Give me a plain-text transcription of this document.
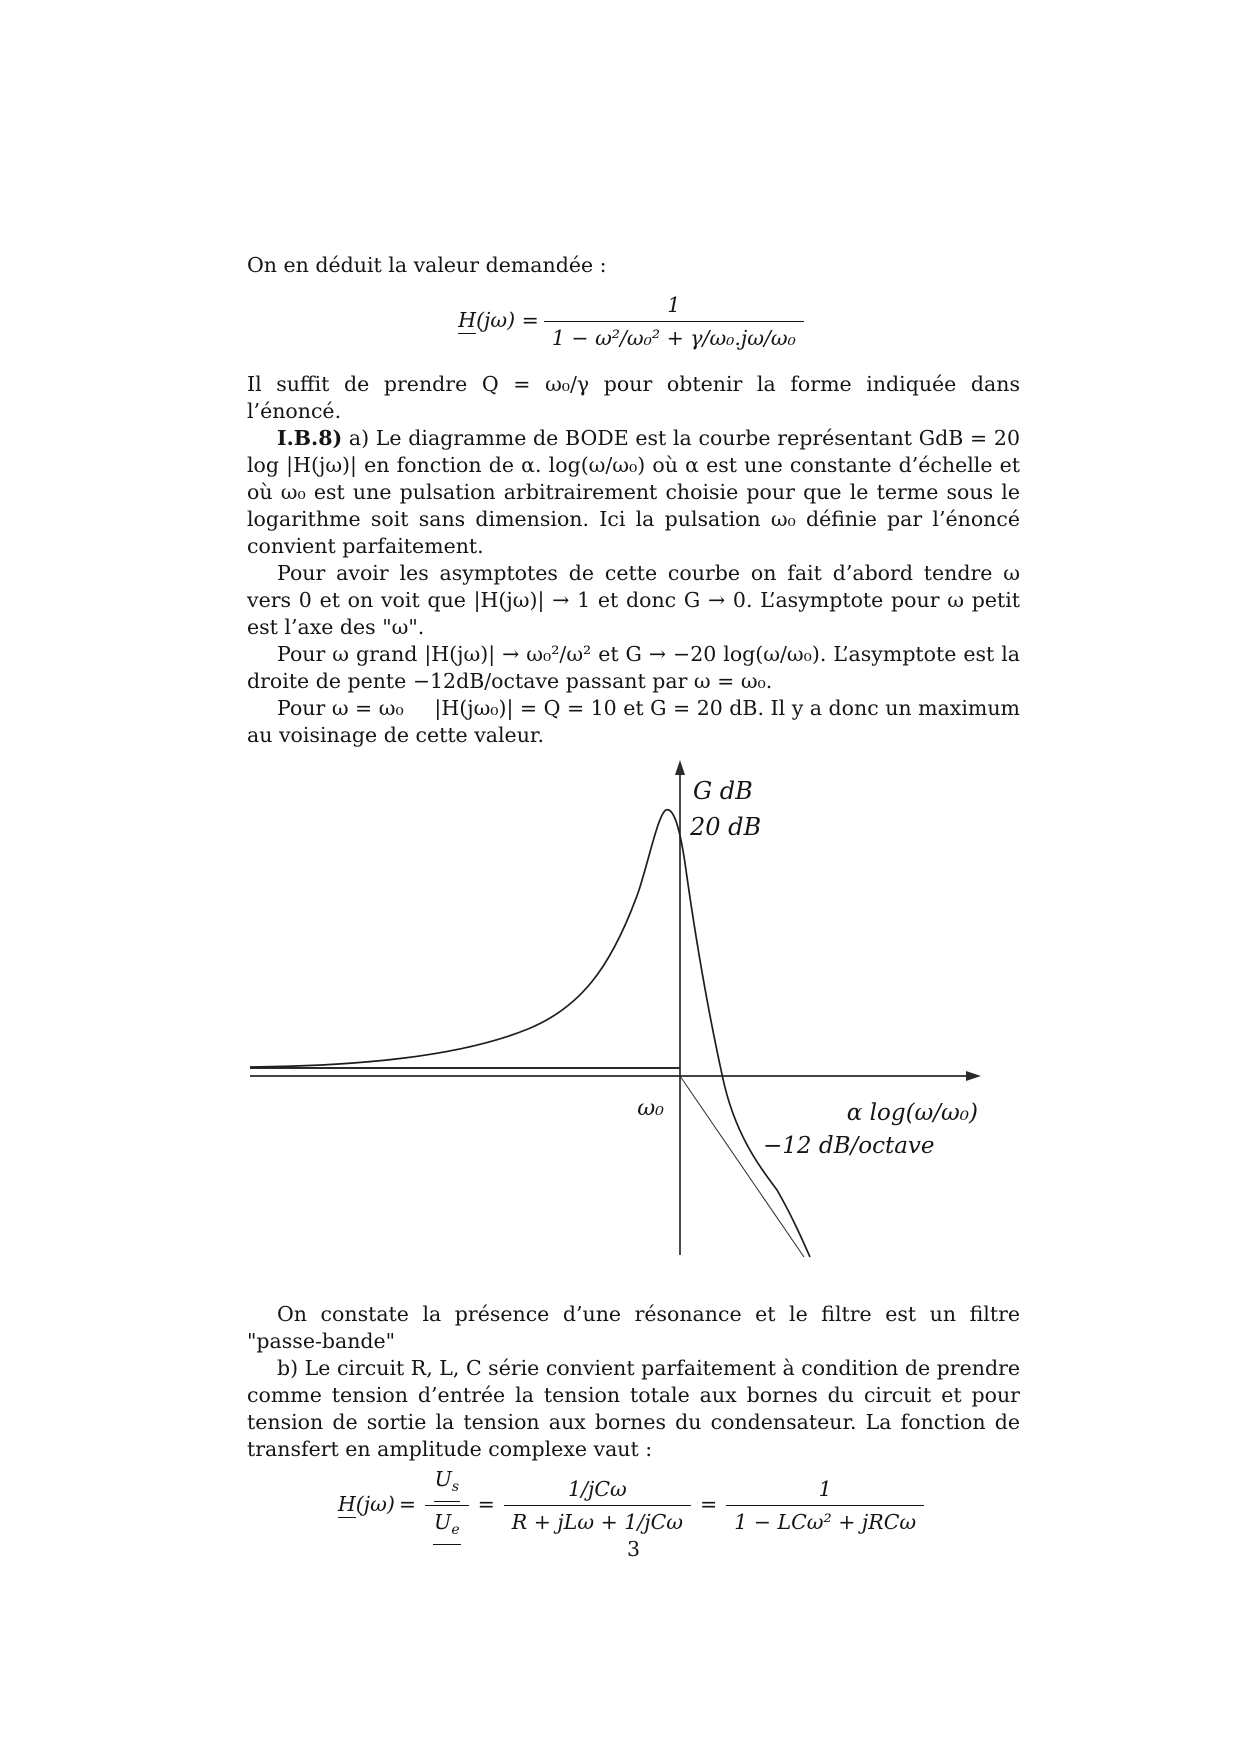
On en déduit la valeur demandée :

$H(j\omega) = \frac{1}{\text{1 − ω²/ω₀² + γ/ω₀.jω/ω₀}}$

Il suffit de prendre Q = ω₀/γ pour obtenir la forme indiquée dans l’énoncé.

I.B.8) a) Le diagramme de BODE est la courbe représentant GdB = 20 log |H(jω)| en fonction de α. log(ω/ω₀) où α est une constante d’échelle et où ω₀ est une pulsation arbitrairement choisie pour que le terme sous le logarithme soit sans dimension. Ici la pulsation ω₀ définie par l’énoncé convient parfaitement.

Pour avoir les asymptotes de cette courbe on fait d’abord tendre ω vers 0 et on voit que |H(jω)| → 1 et donc G → 0. L’asymptote pour ω petit est l’axe des "ω".

Pour ω grand |H(jω)| → ω₀²/ω² et G → −20 log(ω/ω₀). L’asymptote est la droite de pente −12dB/octave passant par ω = ω₀.

Pour ω = ω₀  |H(jω₀)| = Q = 10 et G = 20 dB. Il y a donc un maximum au voisinage de cette valeur.

G dB
20 dB
ω₀	α log(ω/ω₀)
−12 dB/octave

On constate la présence d’une résonance et le filtre est un filtre "passe-bande"

b) Le circuit R, L, C série convient parfaitement à condition de prendre comme tension d’entrée la tension totale aux bornes du circuit et pour tension de sortie la tension aux bornes du condensateur. La fonction de transfert en amplitude complexe vaut :

$H(j\omega) = \frac{U_s}{U_e} = \frac{\text{1/jCω}}{\text{R + jLω + 1/jCω}} = \frac{1}{\text{1 − LCω² + jRCω}}$
3
